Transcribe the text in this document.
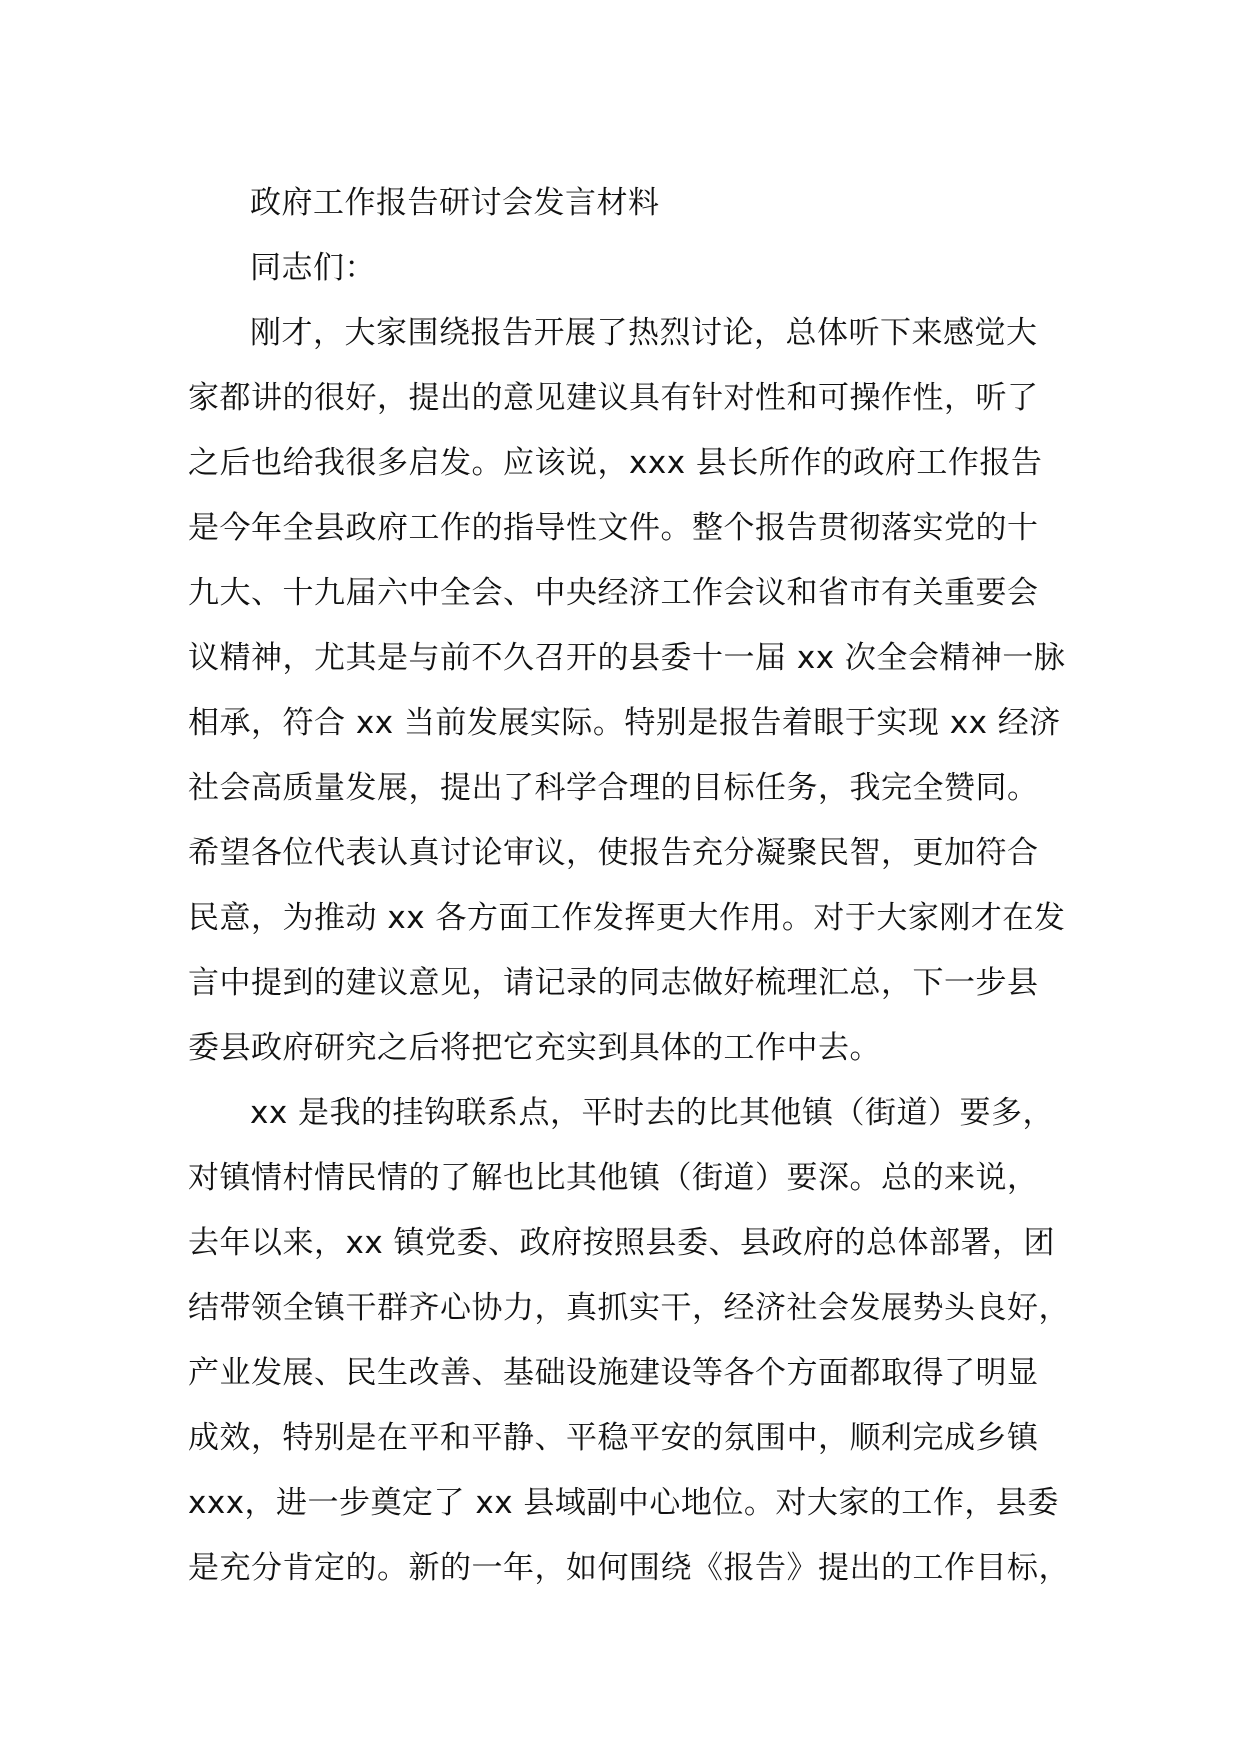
政府工作报告研讨会发言材料
同志们：
刚才，大家围绕报告开展了热烈讨论，总体听下来感觉大
家都讲的很好，提出的意见建议具有针对性和可操作性，听了
之后也给我很多启发。应该说，xxx 县长所作的政府工作报告
是今年全县政府工作的指导性文件。整个报告贯彻落实党的十
九大、十九届六中全会、中央经济工作会议和省市有关重要会
议精神，尤其是与前不久召开的县委十一届 xx 次全会精神一脉
相承，符合 xx 当前发展实际。特别是报告着眼于实现 xx 经济
社会高质量发展，提出了科学合理的目标任务，我完全赞同。
希望各位代表认真讨论审议，使报告充分凝聚民智，更加符合
民意，为推动 xx 各方面工作发挥更大作用。对于大家刚才在发
言中提到的建议意见，请记录的同志做好梳理汇总，下一步县
委县政府研究之后将把它充实到具体的工作中去。
xx 是我的挂钩联系点，平时去的比其他镇（街道）要多，
对镇情村情民情的了解也比其他镇（街道）要深。总的来说，
去年以来，xx 镇党委、政府按照县委、县政府的总体部署，团
结带领全镇干群齐心协力，真抓实干，经济社会发展势头良好，
产业发展、民生改善、基础设施建设等各个方面都取得了明显
成效，特别是在平和平静、平稳平安的氛围中，顺利完成乡镇
xxx，进一步奠定了 xx 县域副中心地位。对大家的工作，县委
是充分肯定的。新的一年，如何围绕《报告》提出的工作目标，
